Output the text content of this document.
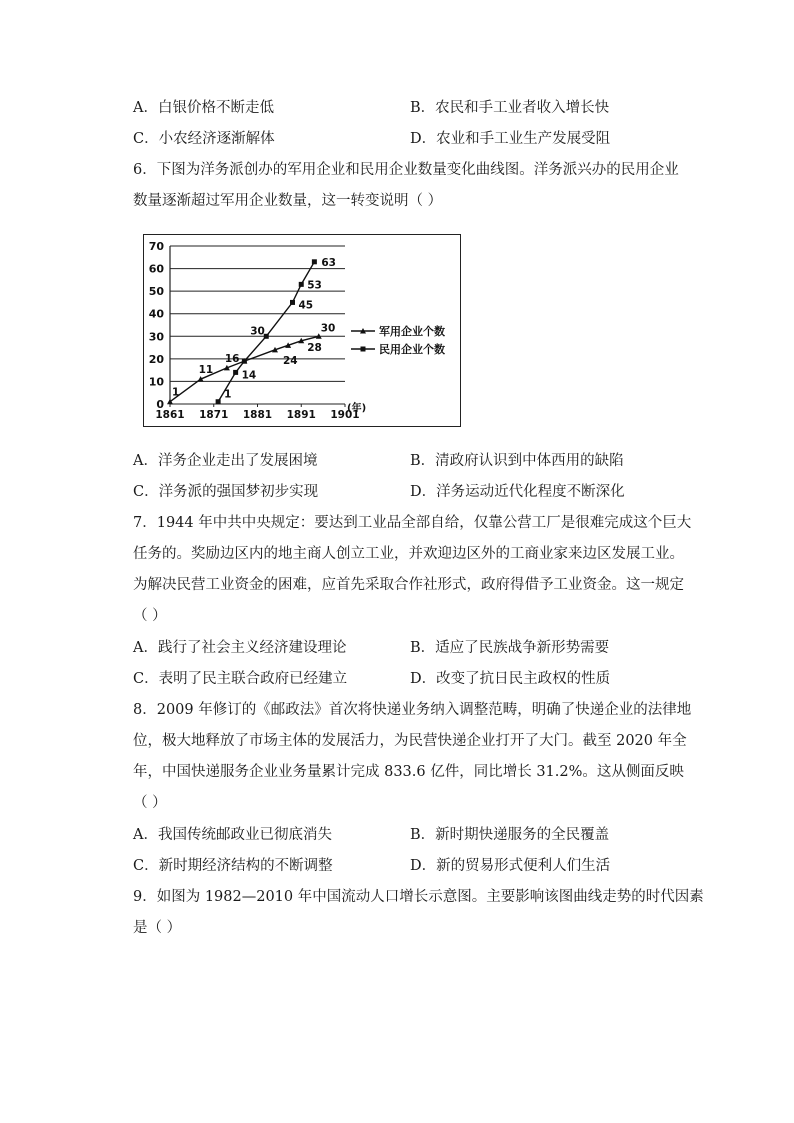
A．白银价格不断走低	B．农民和手工业者收入增长快
C．小农经济逐渐解体	D．农业和手工业生产发展受阻
6．下图为洋务派创办的军用企业和民用企业数量变化曲线图。洋务派兴办的民用企业
数量逐渐超过军用企业数量，这一转变说明（ ）
0
10
20
30
40
50
60
70
1861 1871 1881 1891 1901
(年)
1
11
16	24
28
30
1
14
30
45
53
63
军用企业个数
民用企业个数
A．洋务企业走出了发展困境	B．清政府认识到中体西用的缺陷
C．洋务派的强国梦初步实现	D．洋务运动近代化程度不断深化
7．1944 年中共中央规定：要达到工业品全部自给，仅靠公营工厂是很难完成这个巨大
任务的。奖励边区内的地主商人创立工业，并欢迎边区外的工商业家来边区发展工业。
为解决民营工业资金的困难，应首先采取合作社形式，政府得借予工业资金。这一规定
（ ）
A．践行了社会主义经济建设理论	B．适应了民族战争新形势需要
C．表明了民主联合政府已经建立	D．改变了抗日民主政权的性质
8．2009 年修订的《邮政法》首次将快递业务纳入调整范畴，明确了快递企业的法律地
位，极大地释放了市场主体的发展活力，为民营快递企业打开了大门。截至 2020 年全
年，中国快递服务企业业务量累计完成 833.6 亿件，同比增长 31.2%。这从侧面反映
（ ）
A．我国传统邮政业已彻底消失	B．新时期快递服务的全民覆盖
C．新时期经济结构的不断调整	D．新的贸易形式便利人们生活
9．如图为 1982—2010 年中国流动人口增长示意图。主要影响该图曲线走势的时代因素
是（ ）
